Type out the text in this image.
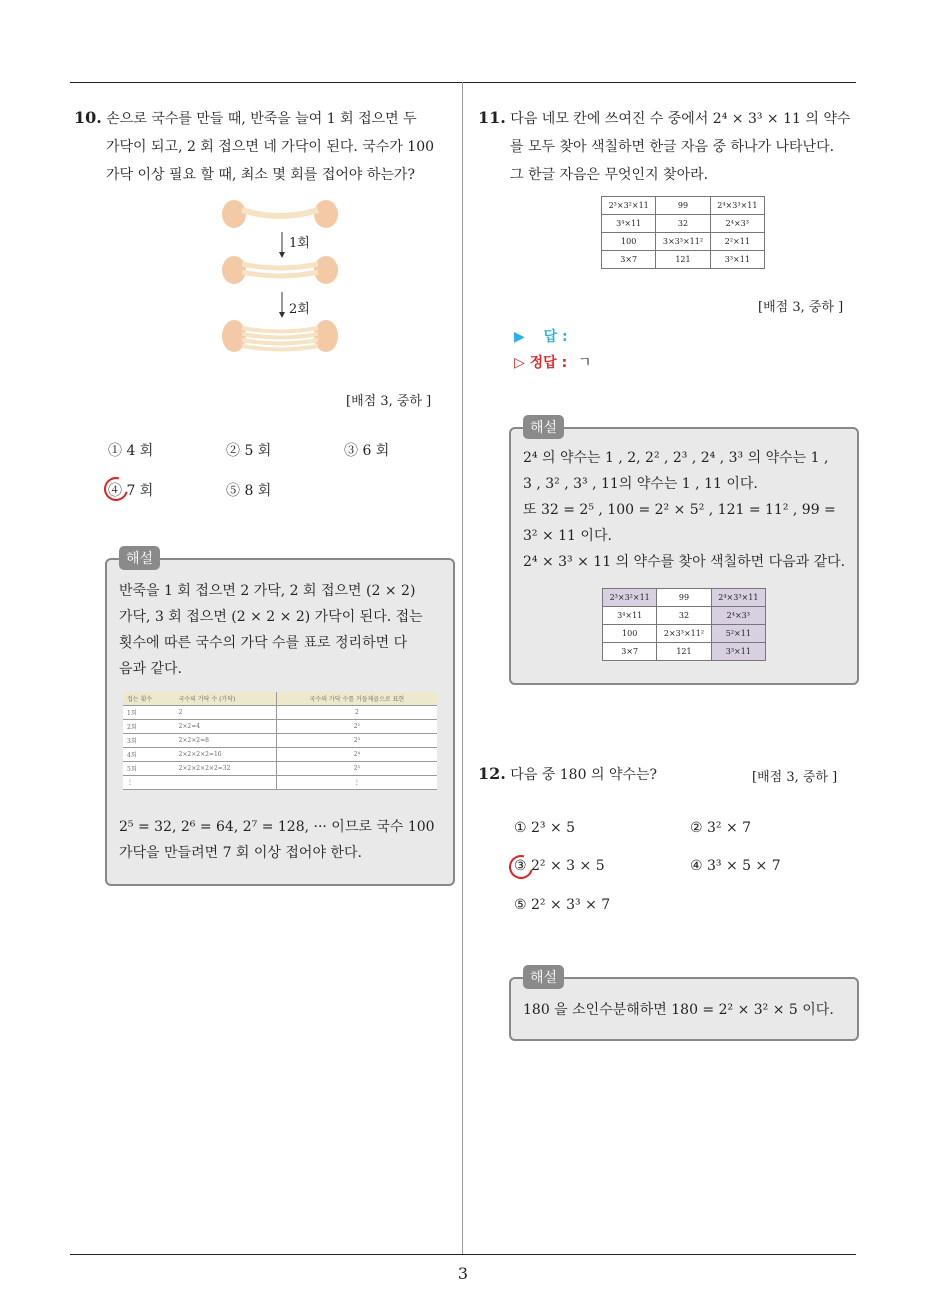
10. 손으로 국수를 만들 때, 반죽을 늘여 1 회 접으면 두
가닥이 되고, 2 회 접으면 네 가닥이 된다. 국수가 100
가닥 이상 필요 할 때, 최소 몇 회를 접어야 하는가?
1회
2회
[배점 3, 중하 ]
① 4 회	② 5 회	③ 6 회
④ 7 회	⑤ 8 회
반죽을 1 회 접으면 2 가닥, 2 회 접으면 (2 × 2)
가닥, 3 회 접으면 (2 × 2 × 2) 가닥이 된다. 접는
횟수에 따른 국수의 가닥 수를 표로 정리하면 다
음과 같다.
접는 횟수	국수의 가닥 수 (가닥)	국수의 가닥 수를 거듭제곱으로 표현
1회	2	2
2회	2×2=4	2²
3회	2×2×2=8	2³
4회	2×2×2×2=16	2⁴
5회	2×2×2×2×2=32	2⁵
⋮		⋮
2⁵ = 32, 2⁶ = 64, 2⁷ = 128, ··· 이므로 국수 100
가닥을 만들려면 7 회 이상 접어야 한다.
해설
11. 다음 네모 칸에 쓰여진 수 중에서 2⁴ × 3³ × 11 의 약수
를 모두 찾아 색칠하면 한글 자음 중 하나가 나타난다.
그 한글 자음은 무엇인지 찾아라.
2³×3²×11	99	2⁴×3³×11
3⁴×11	32	2⁴×3³
100	3×3³×11²	2²×11
3×7	121	3³×11
[배점 3, 중하 ]
▶ 답 :
▷ 정답 : ㄱ
2⁴ 의 약수는 1 , 2, 2² , 2³ , 2⁴ , 3³ 의 약수는 1 ,
3 , 3² , 3³ , 11의 약수는 1 , 11 이다.
또 32 = 2⁵ , 100 = 2² × 5² , 121 = 11² , 99 =
3² × 11 이다.
2⁴ × 3³ × 11 의 약수를 찾아 색칠하면 다음과 같다.
2³×3²×11	99	2⁴×3³×11
3⁴×11	32	2⁴×3³
100	2×3³×11²	5²×11
3×7	121	3³×11
해설
12. 다음 중 180 의 약수는?	[배점 3, 중하 ]
① 2³ × 5	② 3² × 7
③ 2² × 3 × 5	④ 3³ × 5 × 7
⑤ 2² × 3³ × 7
180 을 소인수분해하면 180 = 2² × 3² × 5 이다.
해설
3
